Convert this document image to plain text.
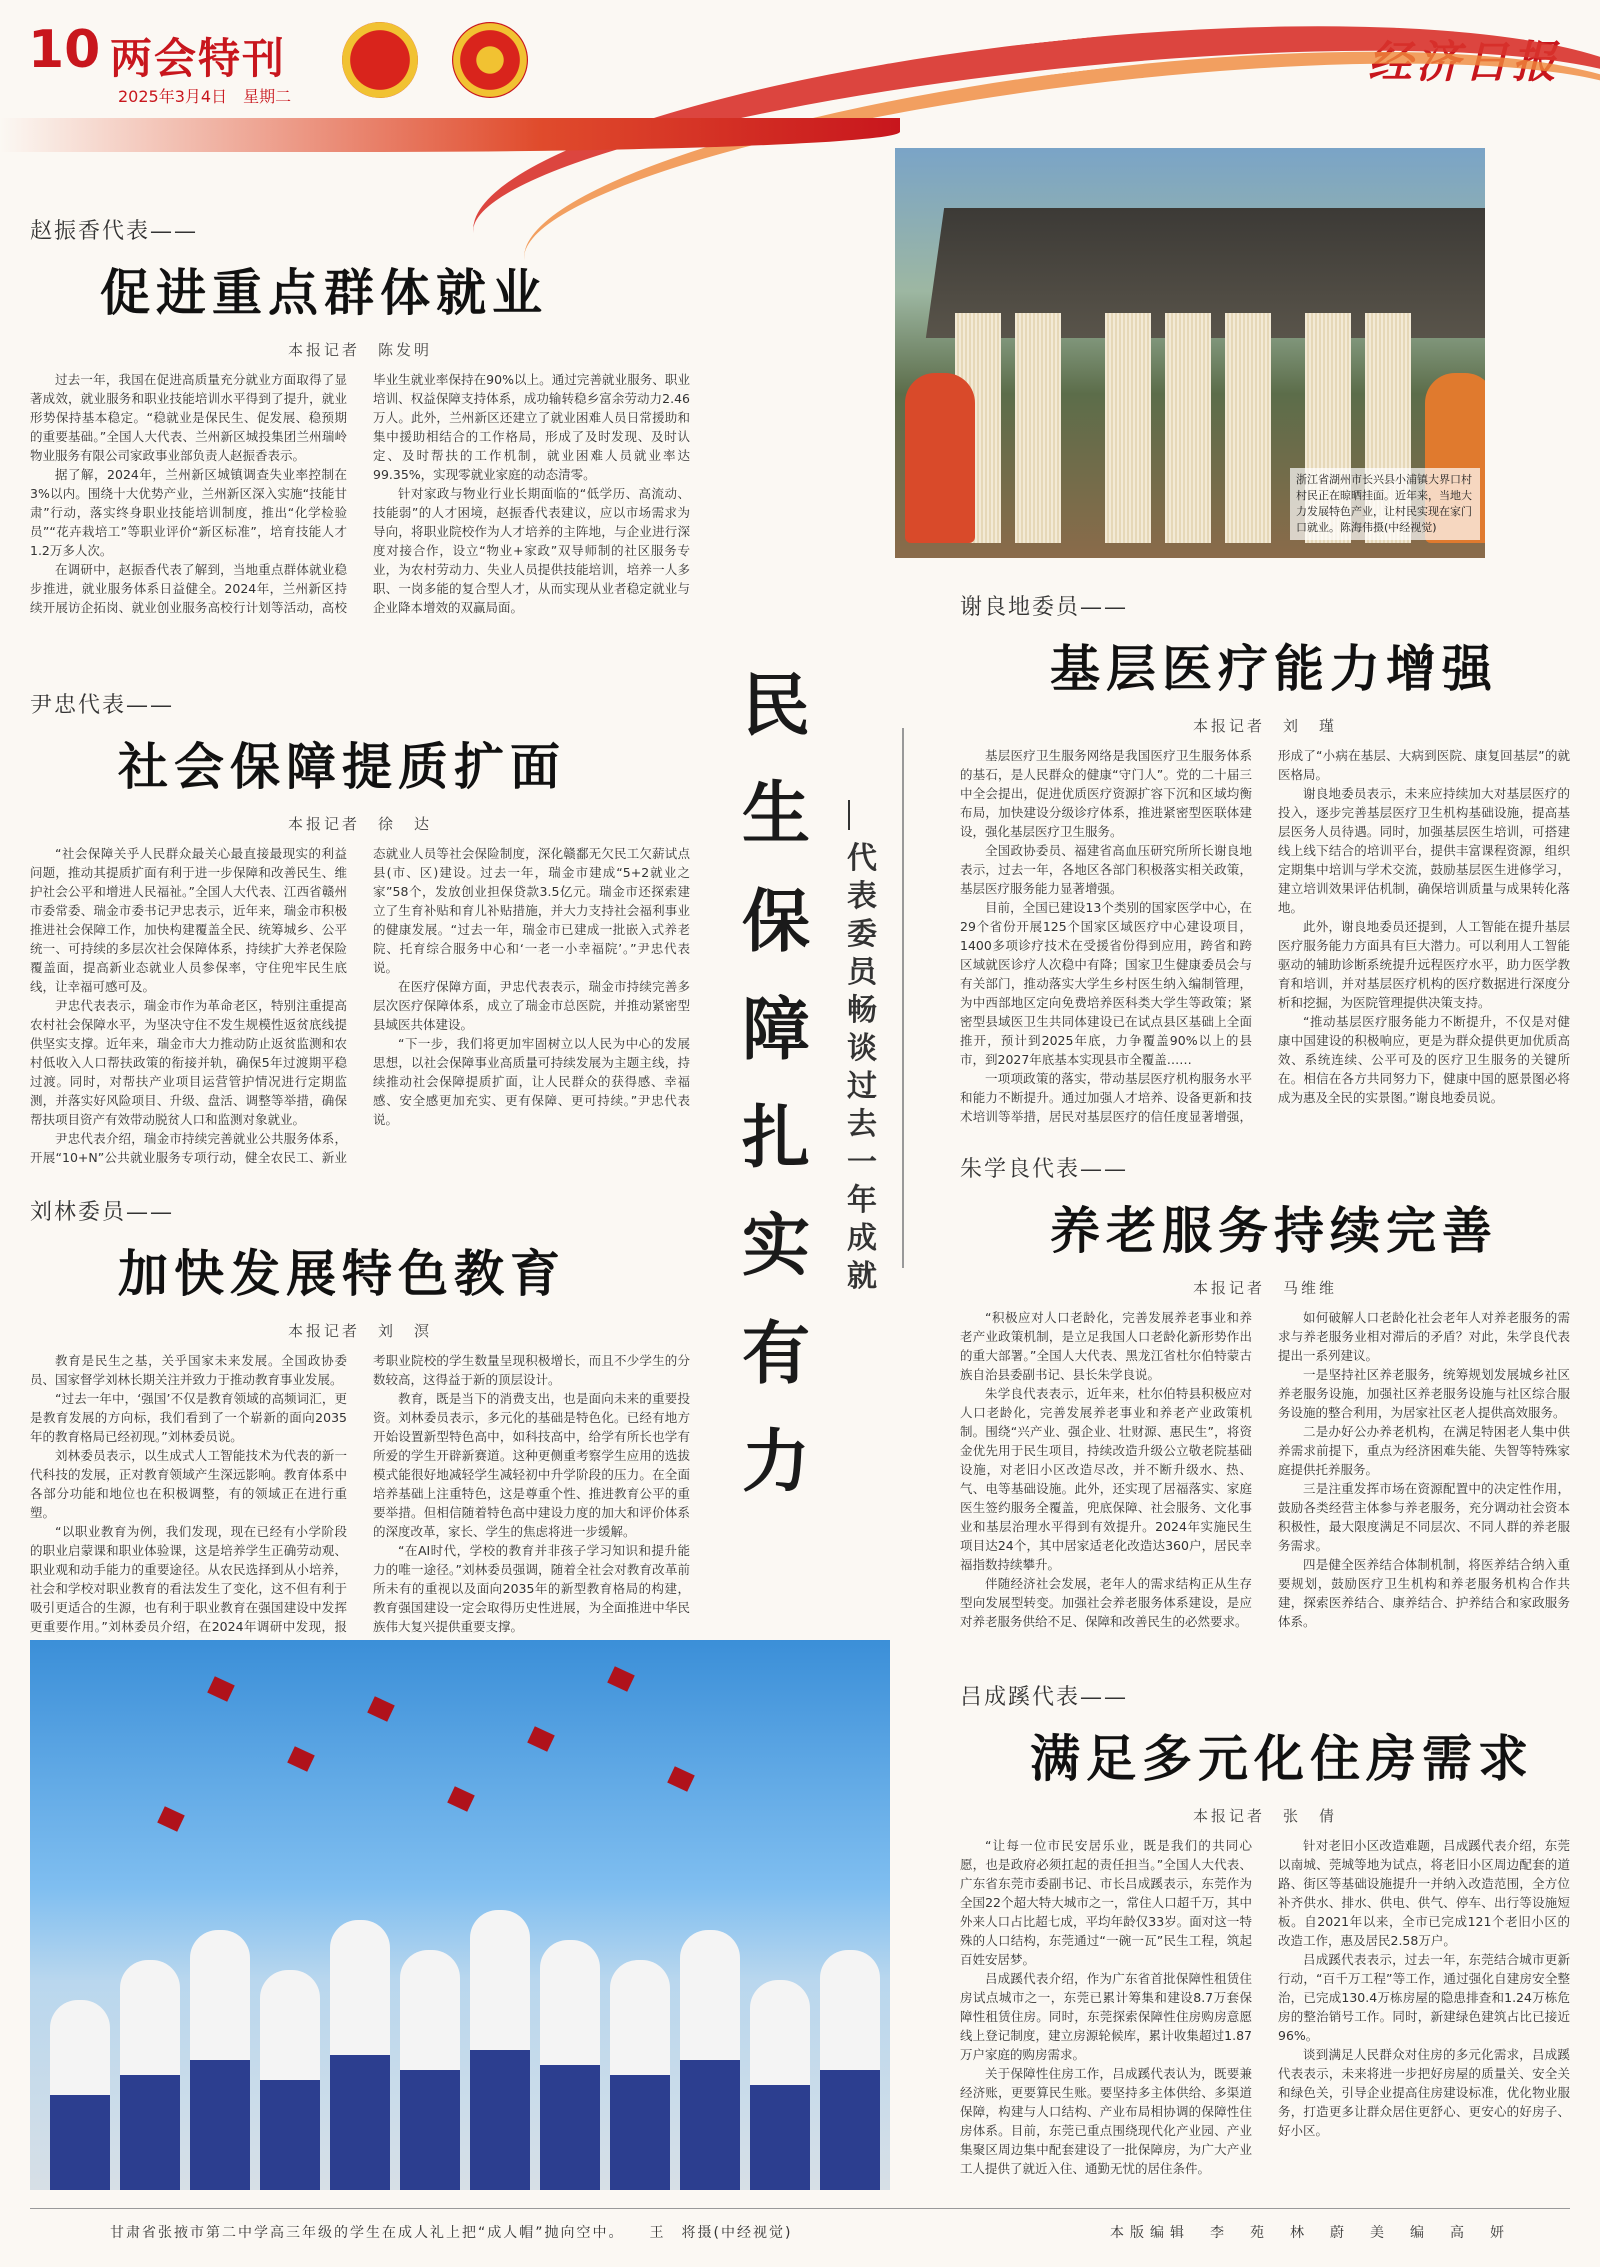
10 两会特刊
2025年3月4日　星期二
经济日报
赵振香代表——
促进重点群体就业
本报记者　陈发明

过去一年，我国在促进高质量充分就业方面取得了显著成效，就业服务和职业技能培训水平得到了提升，就业形势保持基本稳定。“稳就业是保民生、促发展、稳预期的重要基础。”全国人大代表、兰州新区城投集团兰州瑞岭物业服务有限公司家政事业部负责人赵振香表示。

据了解，2024年，兰州新区城镇调查失业率控制在3%以内。围绕十大优势产业，兰州新区深入实施“技能甘肃”行动，落实终身职业技能培训制度，推出“化学检验员”“花卉栽培工”等职业评价“新区标准”，培育技能人才1.2万多人次。

在调研中，赵振香代表了解到，当地重点群体就业稳步推进，就业服务体系日益健全。2024年，兰州新区持续开展访企拓岗、就业创业服务高校行计划等活动，高校毕业生就业率保持在90%以上。通过完善就业服务、职业培训、权益保障支持体系，成功输转稳乡富余劳动力2.46万人。此外，兰州新区还建立了就业困难人员日常援助和集中援助相结合的工作格局，形成了及时发现、及时认定、及时帮扶的工作机制，就业困难人员就业率达99.35%，实现零就业家庭的动态清零。

针对家政与物业行业长期面临的“低学历、高流动、技能弱”的人才困境，赵振香代表建议，应以市场需求为导向，将职业院校作为人才培养的主阵地，与企业进行深度对接合作，设立“物业+家政”双导师制的社区服务专业，为农村劳动力、失业人员提供技能培训，培养一人多职、一岗多能的复合型人才，从而实现从业者稳定就业与企业降本增效的双赢局面。

尹忠代表——
社会保障提质扩面
本报记者　徐　达

“社会保障关乎人民群众最关心最直接最现实的利益问题，推动其提质扩面有利于进一步保障和改善民生、维护社会公平和增进人民福祉。”全国人大代表、江西省赣州市委常委、瑞金市委书记尹忠表示，近年来，瑞金市积极推进社会保障工作，加快构建覆盖全民、统筹城乡、公平统一、可持续的多层次社会保障体系，持续扩大养老保险覆盖面，提高新业态就业人员参保率，守住兜牢民生底线，让幸福可感可及。

尹忠代表表示，瑞金市作为革命老区，特别注重提高农村社会保障水平，为坚决守住不发生规模性返贫底线提供坚实支撑。近年来，瑞金市大力推动防止返贫监测和农村低收入人口帮扶政策的衔接并轨，确保5年过渡期平稳过渡。同时，对帮扶产业项目运营管护情况进行定期监测，并落实好风险项目、升级、盘活、调整等举措，确保帮扶项目资产有效带动脱贫人口和监测对象就业。

尹忠代表介绍，瑞金市持续完善就业公共服务体系，开展“10+N”公共就业服务专项行动，健全农民工、新业态就业人员等社会保险制度，深化赣鄱无欠民工欠薪试点县(市、区)建设。过去一年，瑞金市建成“5+2就业之家”58个，发放创业担保贷款3.5亿元。瑞金市还探索建立了生育补贴和育儿补贴措施，并大力支持社会福利事业的健康发展。“过去一年，瑞金市已建成一批嵌入式养老院、托育综合服务中心和‘一老一小幸福院’。”尹忠代表说。

在医疗保障方面，尹忠代表表示，瑞金市持续完善多层次医疗保障体系，成立了瑞金市总医院，并推动紧密型县域医共体建设。

“下一步，我们将更加牢固树立以人民为中心的发展思想，以社会保障事业高质量可持续发展为主题主线，持续推动社会保障提质扩面，让人民群众的获得感、幸福感、安全感更加充实、更有保障、更可持续。”尹忠代表说。

刘林委员——
加快发展特色教育
本报记者　刘　溟

教育是民生之基，关乎国家未来发展。全国政协委员、国家督学刘林长期关注并致力于推动教育事业发展。

“过去一年中，‘强国’不仅是教育领域的高频词汇，更是教育发展的方向标，我们看到了一个崭新的面向2035年的教育格局已经初现。”刘林委员说。

刘林委员表示，以生成式人工智能技术为代表的新一代科技的发展，正对教育领域产生深远影响。教育体系中各部分功能和地位也在积极调整，有的领域正在进行重塑。

“以职业教育为例，我们发现，现在已经有小学阶段的职业启蒙课和职业体验课，这是培养学生正确劳动观、职业观和动手能力的重要途径。从农民选择到从小培养，社会和学校对职业教育的看法发生了变化，这不但有利于吸引更适合的生源，也有利于职业教育在强国建设中发挥更重要作用。”刘林委员介绍，在2024年调研中发现，报考职业院校的学生数量呈现积极增长，而且不少学生的分数较高，这得益于新的顶层设计。

教育，既是当下的消费支出，也是面向未来的重要投资。刘林委员表示，多元化的基础是特色化。已经有地方开始设置新型特色高中，如科技高中，给学有所长也学有所爱的学生开辟新赛道。这种更侧重考察学生应用的选拔模式能很好地减轻学生减轻初中升学阶段的压力。在全面培养基础上注重特色，这是尊重个性、推进教育公平的重要举措。但相信随着特色高中建设力度的加大和评价体系的深度改革，家长、学生的焦虑将进一步缓解。

“在AI时代，学校的教育并非孩子学习知识和提升能力的唯一途径。”刘林委员强调，随着全社会对教育改革前所未有的重视以及面向2035年的新型教育格局的构建，教育强国建设一定会取得历史性进展，为全面推进中华民族伟大复兴提供重要支撑。

民
生
保
障
扎
实
有
力
代
表
委
员
畅
谈
过
去
一
年
成
就
浙江省湖州市长兴县小浦镇大界口村村民正在晾晒挂面。近年来，当地大力发展特色产业，让村民实现在家门口就业。陈海伟摄(中经视觉)
谢良地委员——
基层医疗能力增强
本报记者　刘　瑾

基层医疗卫生服务网络是我国医疗卫生服务体系的基石，是人民群众的健康“守门人”。党的二十届三中全会提出，促进优质医疗资源扩容下沉和区域均衡布局，加快建设分级诊疗体系，推进紧密型医联体建设，强化基层医疗卫生服务。

全国政协委员、福建省高血压研究所所长谢良地表示，过去一年，各地区各部门积极落实相关政策，基层医疗服务能力显著增强。

目前，全国已建设13个类别的国家医学中心，在29个省份开展125个国家区域医疗中心建设项目，1400多项诊疗技术在受援省份得到应用，跨省和跨区域就医诊疗人次稳中有降；国家卫生健康委员会与有关部门，推动落实大学生乡村医生纳入编制管理，为中西部地区定向免费培养医科类大学生等政策；紧密型县域医卫生共同体建设已在试点县区基础上全面推开，预计到2025年底，力争覆盖90%以上的县市，到2027年底基本实现县市全覆盖……

一项项政策的落实，带动基层医疗机构服务水平和能力不断提升。通过加强人才培养、设备更新和技术培训等举措，居民对基层医疗的信任度显著增强，形成了“小病在基层、大病到医院、康复回基层”的就医格局。

谢良地委员表示，未来应持续加大对基层医疗的投入，逐步完善基层医疗卫生机构基础设施，提高基层医务人员待遇。同时，加强基层医生培训，可搭建线上线下结合的培训平台，提供丰富课程资源，组织定期集中培训与学术交流，鼓励基层医生进修学习，建立培训效果评估机制，确保培训质量与成果转化落地。

此外，谢良地委员还提到，人工智能在提升基层医疗服务能力方面具有巨大潜力。可以利用人工智能驱动的辅助诊断系统提升远程医疗水平，助力医学教育和培训，并对基层医疗机构的医疗数据进行深度分析和挖掘，为医院管理提供决策支持。

“推动基层医疗服务能力不断提升，不仅是对健康中国建设的积极响应，更是为群众提供更加优质高效、系统连续、公平可及的医疗卫生服务的关键所在。相信在各方共同努力下，健康中国的愿景图必将成为惠及全民的实景图。”谢良地委员说。

朱学良代表——
养老服务持续完善
本报记者　马维维

“积极应对人口老龄化，完善发展养老事业和养老产业政策机制，是立足我国人口老龄化新形势作出的重大部署。”全国人大代表、黑龙江省杜尔伯特蒙古族自治县委副书记、县长朱学良说。

朱学良代表表示，近年来，杜尔伯特县积极应对人口老龄化，完善发展养老事业和养老产业政策机制。围绕“兴产业、强企业、壮财源、惠民生”，将资金优先用于民生项目，持续改造升级公立敬老院基础设施，对老旧小区改造尽改，并不断升级水、热、气、电等基础设施。此外，还实现了居福落实、家庭医生签约服务全覆盖，兜底保障、社会服务、文化事业和基层治理水平得到有效提升。2024年实施民生项目达24个，其中居家适老化改造达360户，居民幸福指数持续攀升。

伴随经济社会发展，老年人的需求结构正从生存型向发展型转变。加强社会养老服务体系建设，是应对养老服务供给不足、保障和改善民生的必然要求。

如何破解人口老龄化社会老年人对养老服务的需求与养老服务业相对滞后的矛盾？对此，朱学良代表提出一系列建议。

一是坚持社区养老服务，统筹规划发展城乡社区养老服务设施，加强社区养老服务设施与社区综合服务设施的整合利用，为居家社区老人提供高效服务。

二是办好公办养老机构，在满足特困老人集中供养需求前提下，重点为经济困难失能、失智等特殊家庭提供托养服务。

三是注重发挥市场在资源配置中的决定性作用，鼓励各类经营主体参与养老服务，充分调动社会资本积极性，最大限度满足不同层次、不同人群的养老服务需求。

四是健全医养结合体制机制，将医养结合纳入重要规划，鼓励医疗卫生机构和养老服务机构合作共建，探索医养结合、康养结合、护养结合和家政服务体系。

吕成蹊代表——
满足多元化住房需求
本报记者　张　倩

“让每一位市民安居乐业，既是我们的共同心愿，也是政府必须扛起的责任担当。”全国人大代表、广东省东莞市委副书记、市长吕成蹊表示，东莞作为全国22个超大特大城市之一，常住人口超千万，其中外来人口占比超七成，平均年龄仅33岁。面对这一特殊的人口结构，东莞通过“一碗一瓦”民生工程，筑起百姓安居梦。

吕成蹊代表介绍，作为广东省首批保障性租赁住房试点城市之一，东莞已累计筹集和建设8.7万套保障性租赁住房。同时，东莞探索保障性住房购房意愿线上登记制度，建立房源轮候库，累计收集超过1.87万户家庭的购房需求。

关于保障性住房工作，吕成蹊代表认为，既要兼经济账，更要算民生账。要坚持多主体供给、多渠道保障，构建与人口结构、产业布局相协调的保障性住房体系。目前，东莞已重点围绕现代化产业园、产业集聚区周边集中配套建设了一批保障房，为广大产业工人提供了就近入住、通勤无忧的居住条件。

针对老旧小区改造难题，吕成蹊代表介绍，东莞以南城、莞城等地为试点，将老旧小区周边配套的道路、街区等基础设施提升一并纳入改造范围，全方位补齐供水、排水、供电、供气、停车、出行等设施短板。自2021年以来，全市已完成121个老旧小区的改造工作，惠及居民2.58万户。

吕成蹊代表表示，过去一年，东莞结合城市更新行动，“百千万工程”等工作，通过强化自建房安全整治，已完成130.4万栋房屋的隐患排查和1.24万栋危房的整治销号工作。同时，新建绿色建筑占比已接近96%。

谈到满足人民群众对住房的多元化需求，吕成蹊代表表示，未来将进一步把好房屋的质量关、安全关和绿色关，引导企业提高住房建设标准，优化物业服务，打造更多让群众居住更舒心、更安心的好房子、好小区。

甘肃省张掖市第二中学高三年级的学生在成人礼上把“成人帽”抛向空中。　　王　将摄(中经视觉)	本版编辑　李　苑　林　蔚　美　编　高　妍
